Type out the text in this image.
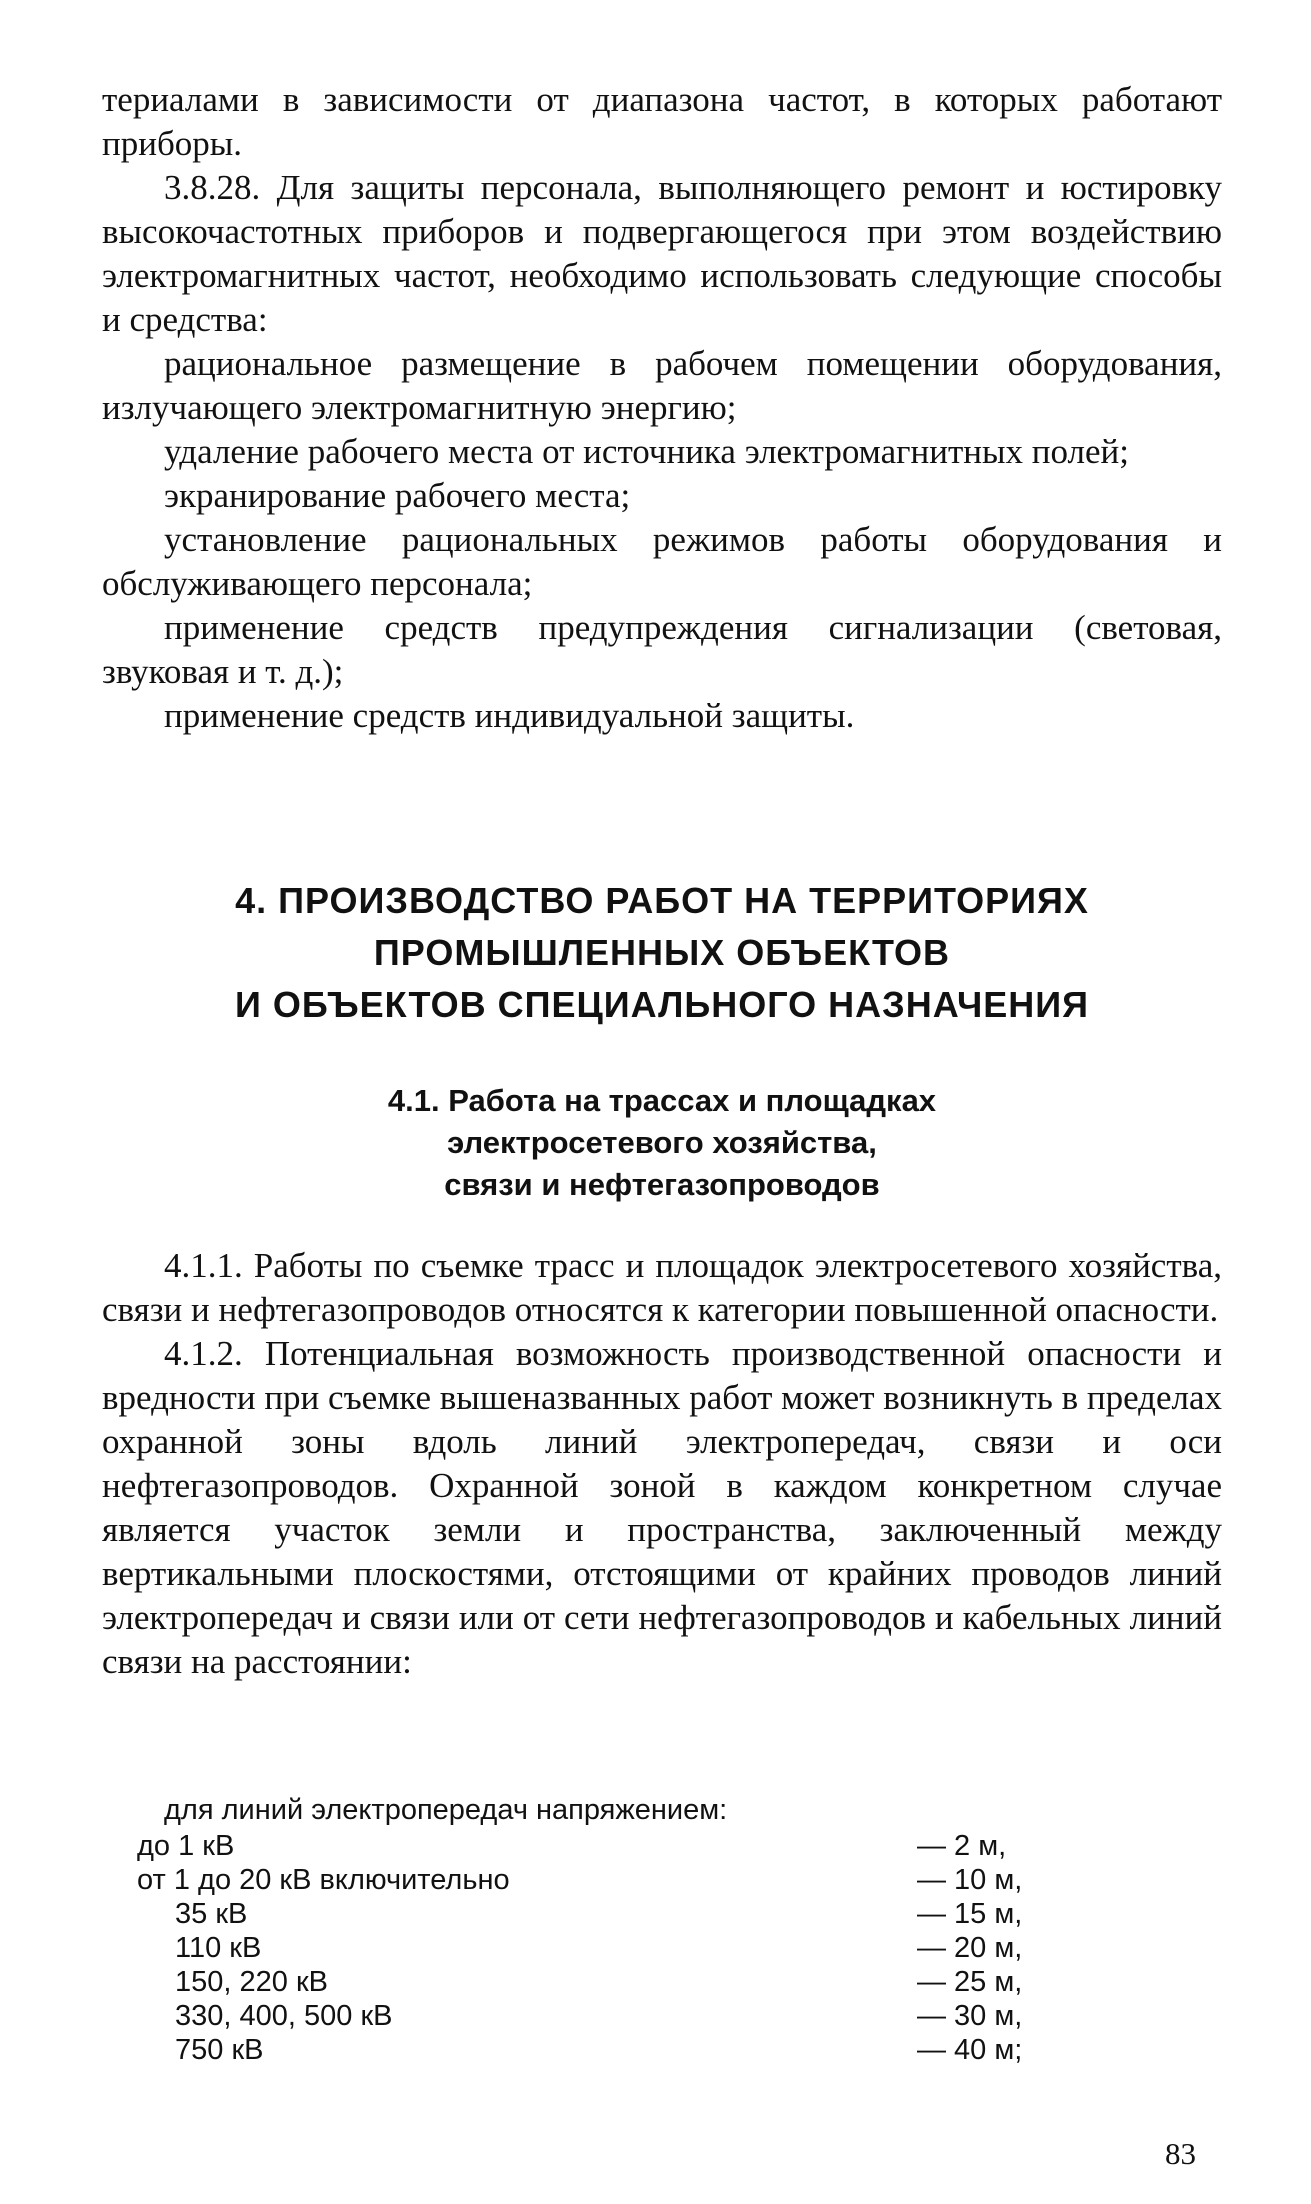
териалами в зависимости от диапазона частот, в которых работают приборы.

3.8.28. Для защиты персонала, выполняющего ремонт и юстировку высокочастотных приборов и подвергающегося при этом воздействию электромагнитных частот, необходимо использовать следующие способы и средства:

рациональное размещение в рабочем помещении оборудования, излучающего электромагнитную энергию;

удаление рабочего места от источника электромагнитных полей;

экранирование рабочего места;

установление рациональных режимов работы оборудования и обслуживающего персонала;

применение средств предупреждения сигнализации (световая, звуковая и т. д.);

применение средств индивидуальной защиты.

4. ПРОИЗВОДСТВО РАБОТ НА ТЕРРИТОРИЯХ
ПРОМЫШЛЕННЫХ ОБЪЕКТОВ
И ОБЪЕКТОВ СПЕЦИАЛЬНОГО НАЗНАЧЕНИЯ
4.1. Работа на трассах и площадках
электросетевого хозяйства,
связи и нефтегазопроводов

4.1.1. Работы по съемке трасс и площадок электросетевого хозяйства, связи и нефтегазопроводов относятся к категории повышенной опасности.

4.1.2. Потенциальная возможность производственной опасности и вредности при съемке вышеназванных работ может возникнуть в пределах охранной зоны вдоль линий электропередач, связи и оси нефтегазопроводов. Охранной зоной в каждом конкретном случае является участок земли и пространства, заключенный между вертикальными плоскостями, отстоящими от крайних проводов линий электропередач и связи или от сети нефтегазопроводов и кабельных линий связи на расстоянии:

для линий электропередач напряжением:
до 1 кВ	— 2 м,
от 1 до 20 кВ включительно	— 10 м,
35 кВ	— 15 м,
110 кВ	— 20 м,
150, 220 кВ	— 25 м,
330, 400, 500 кВ	— 30 м,
750 кВ	— 40 м;
83
